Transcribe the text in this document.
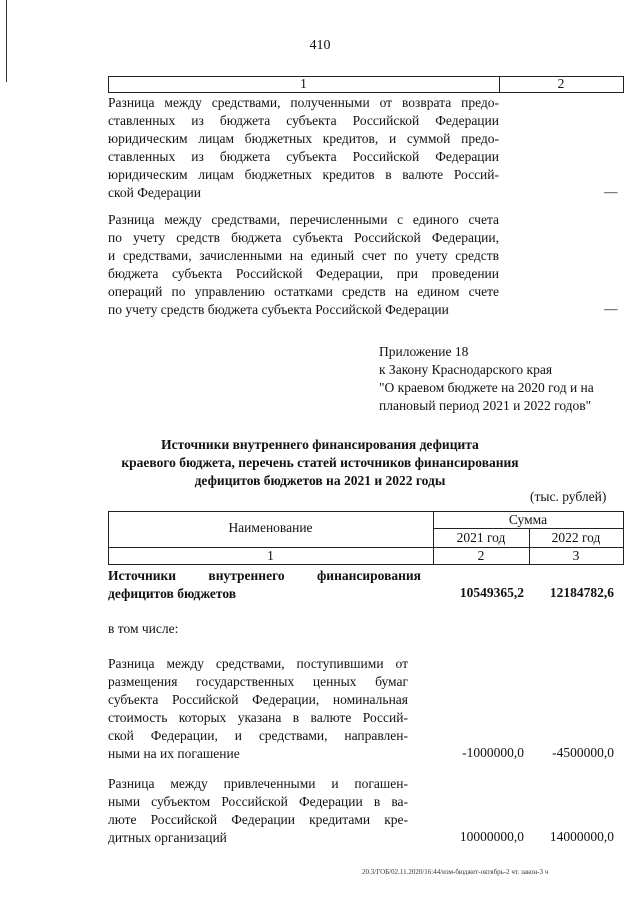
410
1	2
Разница между средствами, полученными от возврата предо-
ставленных из бюджета субъекта Российской Федерации
юридическим лицам бюджетных кредитов, и суммой предо-
ставленных из бюджета субъекта Российской Федерации
юридическим лицам бюджетных кредитов в валюте Россий-
ской Федерации	—
Разница между средствами, перечисленными с единого счета
по учету средств бюджета субъекта Российской Федерации,
и средствами, зачисленными на единый счет по учету средств
бюджета субъекта Российской Федерации, при проведении
операций по управлению остатками средств на едином счете
по учету средств бюджета субъекта Российской Федерации	—
Приложение 18
к Закону Краснодарского края
"О краевом бюджете на 2020 год и на
плановый период 2021 и 2022 годов"
Источники внутреннего финансирования дефицита
краевого бюджета, перечень статей источников финансирования
дефицитов бюджетов на 2021 и 2022 годы
(тыс. рублей)
Наименование
Сумма
2021 год	2022 год
1	2	3
Источники внутреннего финансирования
дефицитов бюджетов	10549365,2	12184782,6
в том числе:
Разница между средствами, поступившими от
размещения государственных ценных бумаг
субъекта Российской Федерации, номинальная
стоимость которых указана в валюте Россий-
ской Федерации, и средствами, направлен-
ными на их погашение	-1000000,0	-4500000,0
Разница между привлеченными и погашен-
ными субъектом Российской Федерации в ва-
люте Российской Федерации кредитами кре-
дитных организаций	10000000,0	14000000,0
20.3/ГОБ/02.11.2020/16:44/изм-бюджет-октябрь-2 чт. закон-3 ч
